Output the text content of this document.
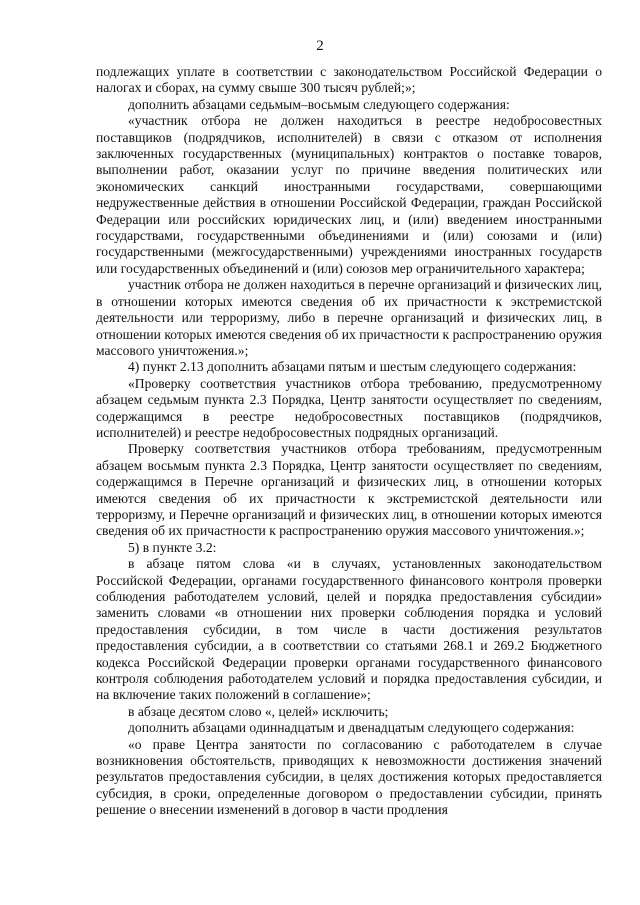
2

подлежащих уплате в соответствии с законодательством Российской Федерации о налогах и сборах, на сумму свыше 300 тысяч рублей;»;

дополнить абзацами седьмым–восьмым следующего содержания:

«участник отбора не должен находиться в реестре недобросовестных поставщиков (подрядчиков, исполнителей) в связи с отказом от исполнения заключенных государственных (муниципальных) контрактов о поставке товаров, выполнении работ, оказании услуг по причине введения политических или экономических санкций иностранными государствами, совершающими недружественные действия в отношении Российской Федерации, граждан Российской Федерации или российских юридических лиц, и (или) введением иностранными государствами, государственными объединениями и (или) союзами и (или) государственными (межгосударственными) учреждениями иностранных государств или государственных объединений и (или) союзов мер ограничительного характера;

участник отбора не должен находиться в перечне организаций и физических лиц, в отношении которых имеются сведения об их причастности к экстремистской деятельности или терроризму, либо в перечне организаций и физических лиц, в отношении которых имеются сведения об их причастности к распространению оружия массового уничтожения.»;

4) пункт 2.13 дополнить абзацами пятым и шестым следующего содержания:

«Проверку соответствия участников отбора требованию, предусмотренному абзацем седьмым пункта 2.3 Порядка, Центр занятости осуществляет по сведениям, содержащимся в реестре недобросовестных поставщиков (подрядчиков, исполнителей) и реестре недобросовестных подрядных организаций.

Проверку соответствия участников отбора требованиям, предусмотренным абзацем восьмым пункта 2.3 Порядка, Центр занятости осуществляет по сведениям, содержащимся в Перечне организаций и физических лиц, в отношении которых имеются сведения об их причастности к экстремистской деятельности или терроризму, и Перечне организаций и физических лиц, в отношении которых имеются сведения об их причастности к распространению оружия массового уничтожения.»;

5) в пункте 3.2:

в абзаце пятом слова «и в случаях, установленных законодательством Российской Федерации, органами государственного финансового контроля проверки соблюдения работодателем условий, целей и порядка предоставления субсидии» заменить словами «в отношении них проверки соблюдения порядка и условий предоставления субсидии, в том числе в части достижения результатов предоставления субсидии, а в соответствии со статьями 268.1 и 269.2 Бюджетного кодекса Российской Федерации проверки органами государственного финансового контроля соблюдения работодателем условий и порядка предоставления субсидии, и на включение таких положений в соглашение»;

в абзаце десятом слово «, целей» исключить;

дополнить абзацами одиннадцатым и двенадцатым следующего содержания:

«о праве Центра занятости по согласованию с работодателем в случае возникновения обстоятельств, приводящих к невозможности достижения значений результатов предоставления субсидии, в целях достижения которых предоставляется субсидия, в сроки, определенные договором о предоставлении субсидии, принять решение о внесении изменений в договор в части продления
